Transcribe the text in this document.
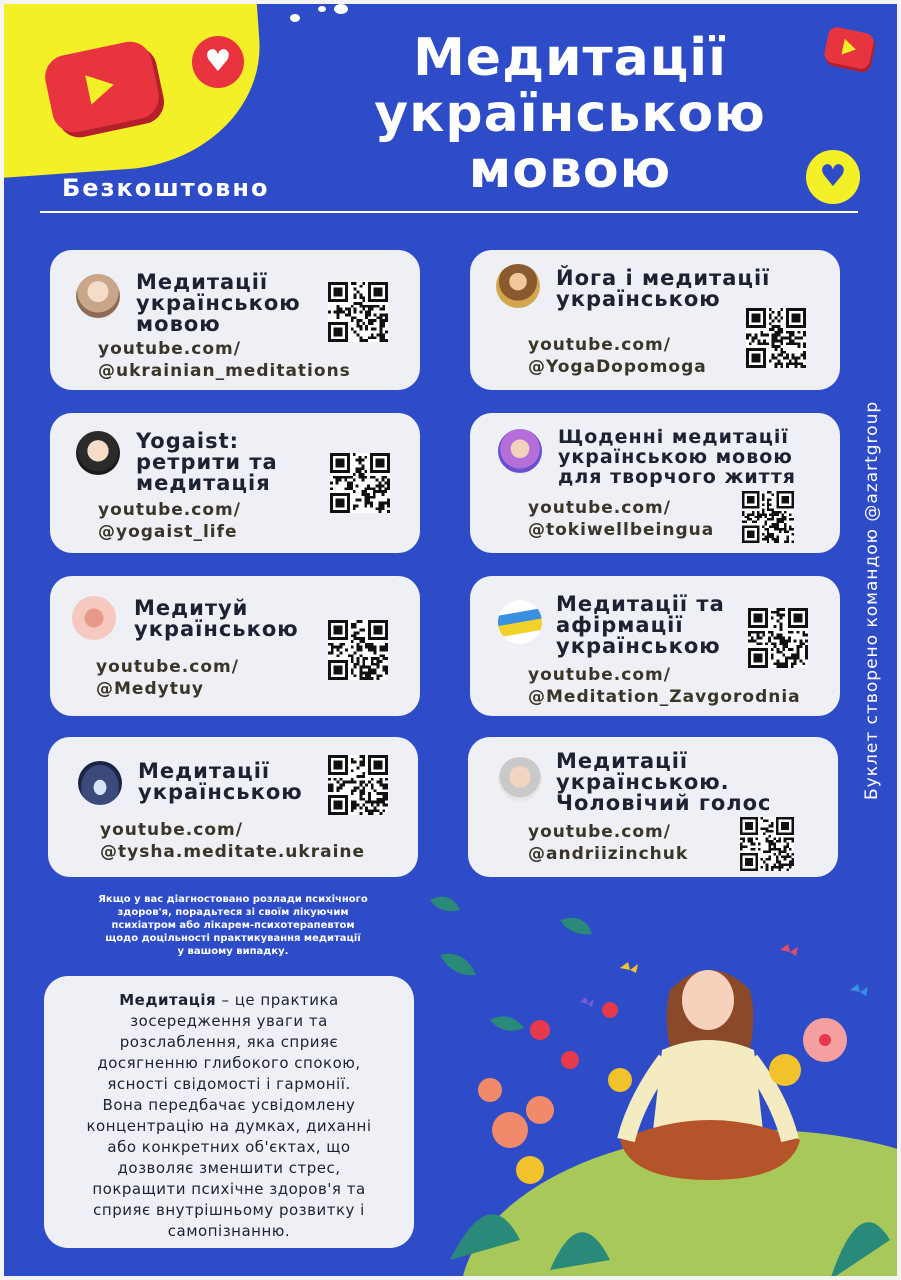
♥
♥
Медитації
українською
мовою
Безкоштовно
Медитації
українською
мовою
youtube.com/
@ukrainian_meditations
Йога і медитації
українською
youtube.com/
@YogaDopomoga
Yogaist:
ретрити та
медитація
youtube.com/
@yogaist_life
Щоденні медитації
українською мовою
для творчого життя
youtube.com/
@tokiwellbeingua
Медитуй
українською
youtube.com/
@Medytuy
Медитації та
афірмації
українською
youtube.com/
@Meditation_Zavgorodnia
Медитації
українською
youtube.com/
@tysha.meditate.ukraine
Медитації
українською.
Чоловічий голос
youtube.com/
@andriizinchuk
Буклет створено командою @azartgroup
Якщо у вас діагностовано розлади психічного
здоров'я, порадьтеся зі своїм лікуючим
психіатром або лікарем-психотерапевтом
щодо доцільності практикування медитації
у вашому випадку.
Медитація – це практика
зосередження уваги та
розслаблення, яка сприяє
досягненню глибокого спокою,
ясності свідомості і гармонії.
Вона передбачає усвідомлену
концентрацію на думках, диханні
або конкретних об'єктах, що
дозволяє зменшити стрес,
покращити психічне здоров'я та
сприяє внутрішньому розвитку і
самопізнанню.
